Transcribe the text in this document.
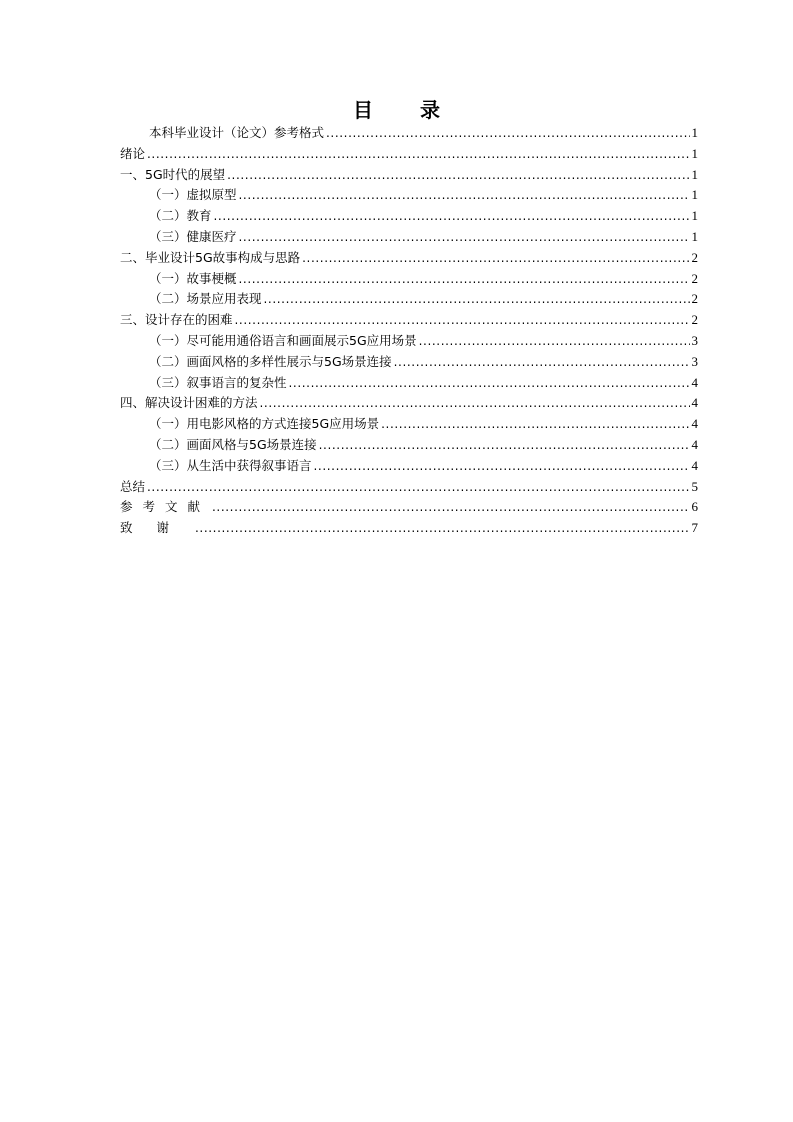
目 录
本科毕业设计（论文）参考格式 .....	1
绪论 .....	1
一、5G时代的展望 .....	1
（一）虚拟原型 .....	1
（二）教育 .....	1
（三）健康医疗 .....	1
二、毕业设计5G故事构成与思路 .....	2
（一）故事梗概 .....	2
（二）场景应用表现 .....	2
三、设计存在的困难 .....	2
（一）尽可能用通俗语言和画面展示5G应用场景 .....	3
（二）画面风格的多样性展示与5G场景连接 .....	3
（三）叙事语言的复杂性 .....	4
四、解决设计困难的方法 .....	4
（一）用电影风格的方式连接5G应用场景 .....	4
（二）画面风格与5G场景连接 .....	4
（三）从生活中获得叙事语言 .....	4
总结 .....	5
参考文献 .....	6
致谢 .....	7
